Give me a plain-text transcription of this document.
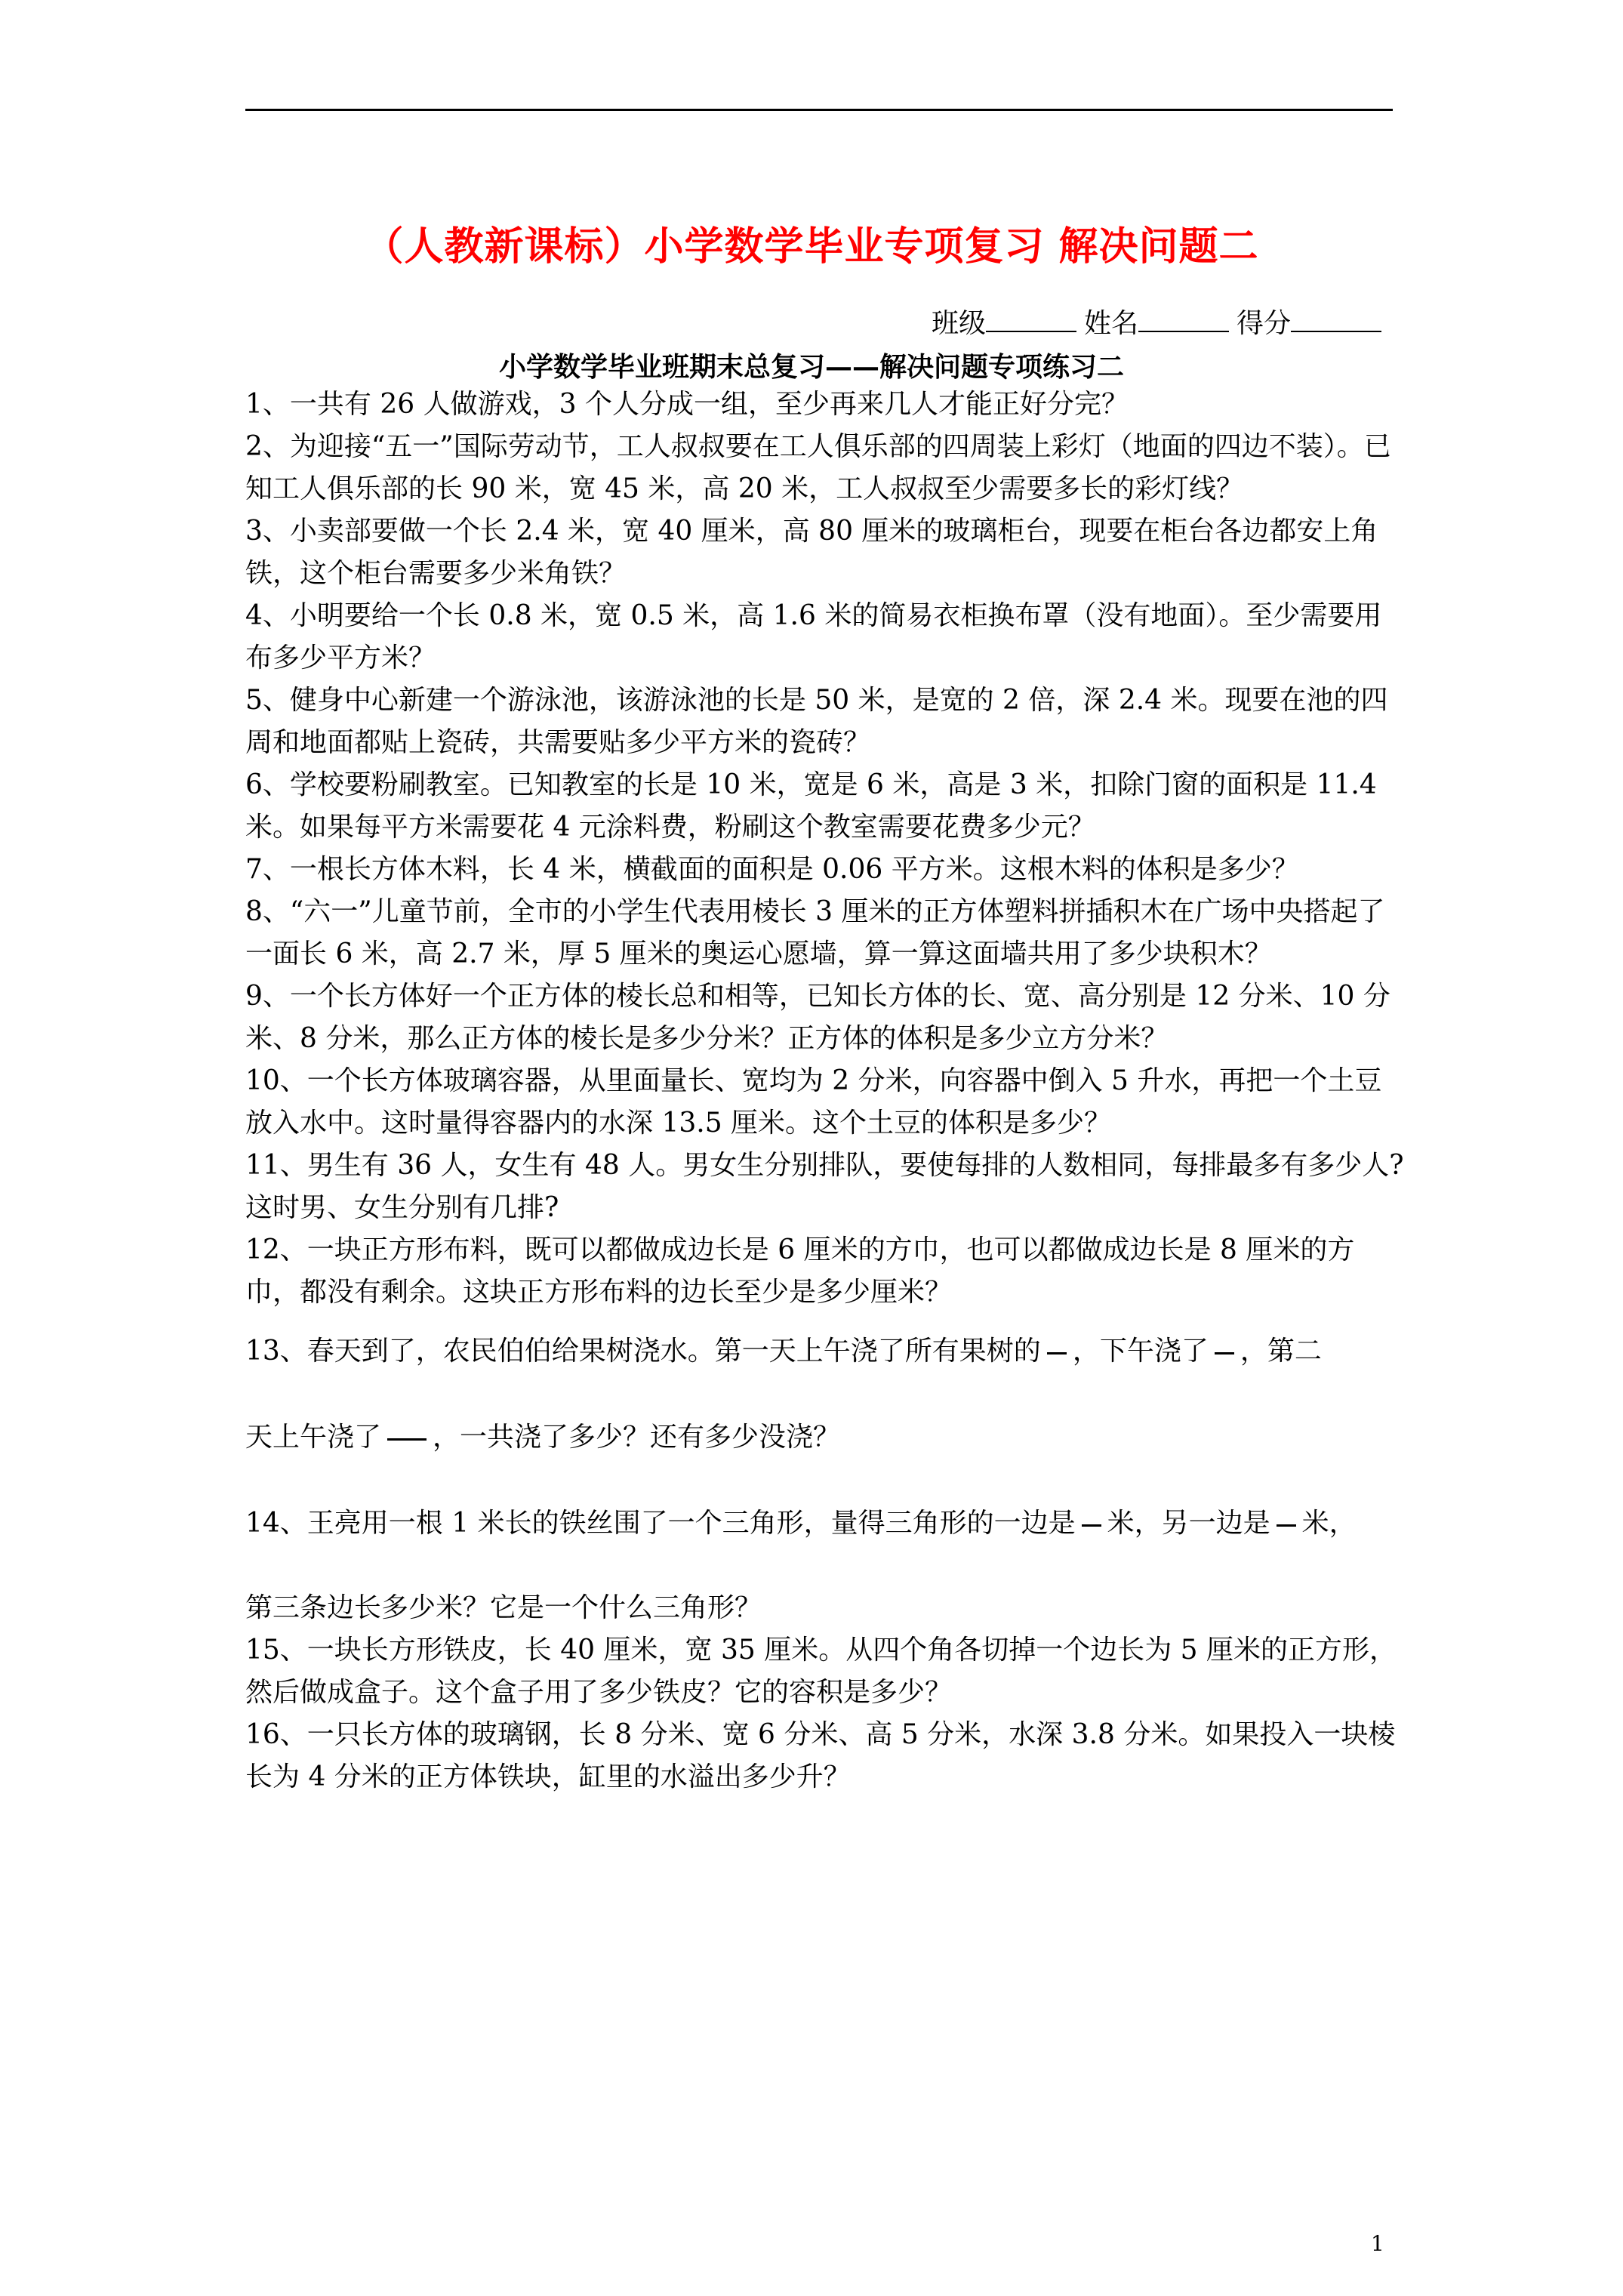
（人教新课标）小学数学毕业专项复习 解决问题二
班级	姓名	得分
小学数学毕业班期末总复习——解决问题专项练习二

1、一共有 26 人做游戏，3 个人分成一组，至少再来几人才能正好分完？

2、为迎接“五一”国际劳动节，工人叔叔要在工人俱乐部的四周装上彩灯（地面的四边不装）。已知工人俱乐部的长 90 米，宽 45 米，高 20 米，工人叔叔至少需要多长的彩灯线？

3、小卖部要做一个长 2.4 米，宽 40 厘米，高 80 厘米的玻璃柜台，现要在柜台各边都安上角铁，这个柜台需要多少米角铁？

4、小明要给一个长 0.8 米，宽 0.5 米，高 1.6 米的简易衣柜换布罩（没有地面）。至少需要用布多少平方米？

5、健身中心新建一个游泳池，该游泳池的长是 50 米，是宽的 2 倍，深 2.4 米。现要在池的四周和地面都贴上瓷砖，共需要贴多少平方米的瓷砖？

6、学校要粉刷教室。已知教室的长是 10 米，宽是 6 米，高是 3 米，扣除门窗的面积是 11.4 米。如果每平方米需要花 4 元涂料费，粉刷这个教室需要花费多少元？

7、一根长方体木料，长 4 米，横截面的面积是 0.06 平方米。这根木料的体积是多少？

8、“六一”儿童节前，全市的小学生代表用棱长 3 厘米的正方体塑料拼插积木在广场中央搭起了一面长 6 米，高 2.7 米，厚 5 厘米的奥运心愿墙，算一算这面墙共用了多少块积木？

9、一个长方体好一个正方体的棱长总和相等，已知长方体的长、宽、高分别是 12 分米、10 分米、8 分米，那么正方体的棱长是多少分米？正方体的体积是多少立方分米？

10、一个长方体玻璃容器，从里面量长、宽均为 2 分米，向容器中倒入 5 升水，再把一个土豆放入水中。这时量得容器内的水深 13.5 厘米。这个土豆的体积是多少？

11、男生有 36 人，女生有 48 人。男女生分别排队，要使每排的人数相同，每排最多有多少人?这时男、女生分别有几排?

12、一块正方形布料，既可以都做成边长是 6 厘米的方巾，也可以都做成边长是 8 厘米的方巾，都没有剩余。这块正方形布料的边长至少是多少厘米？

13、春天到了，农民伯伯给果树浇水。第一天上午浇了所有果树的 ，下午浇了 ，第二
天上午浇了 ，一共浇了多少？还有多少没浇？
14、王亮用一根 1 米长的铁丝围了一个三角形，量得三角形的一边是 米，另一边是 米，
第三条边长多少米？它是一个什么三角形？

15、一块长方形铁皮，长 40 厘米，宽 35 厘米。从四个角各切掉一个边长为 5 厘米的正方形，然后做成盒子。这个盒子用了多少铁皮？它的容积是多少？

16、一只长方体的玻璃钢，长 8 分米、宽 6 分米、高 5 分米，水深 3.8 分米。如果投入一块棱长为 4 分米的正方体铁块，缸里的水溢出多少升？

1
